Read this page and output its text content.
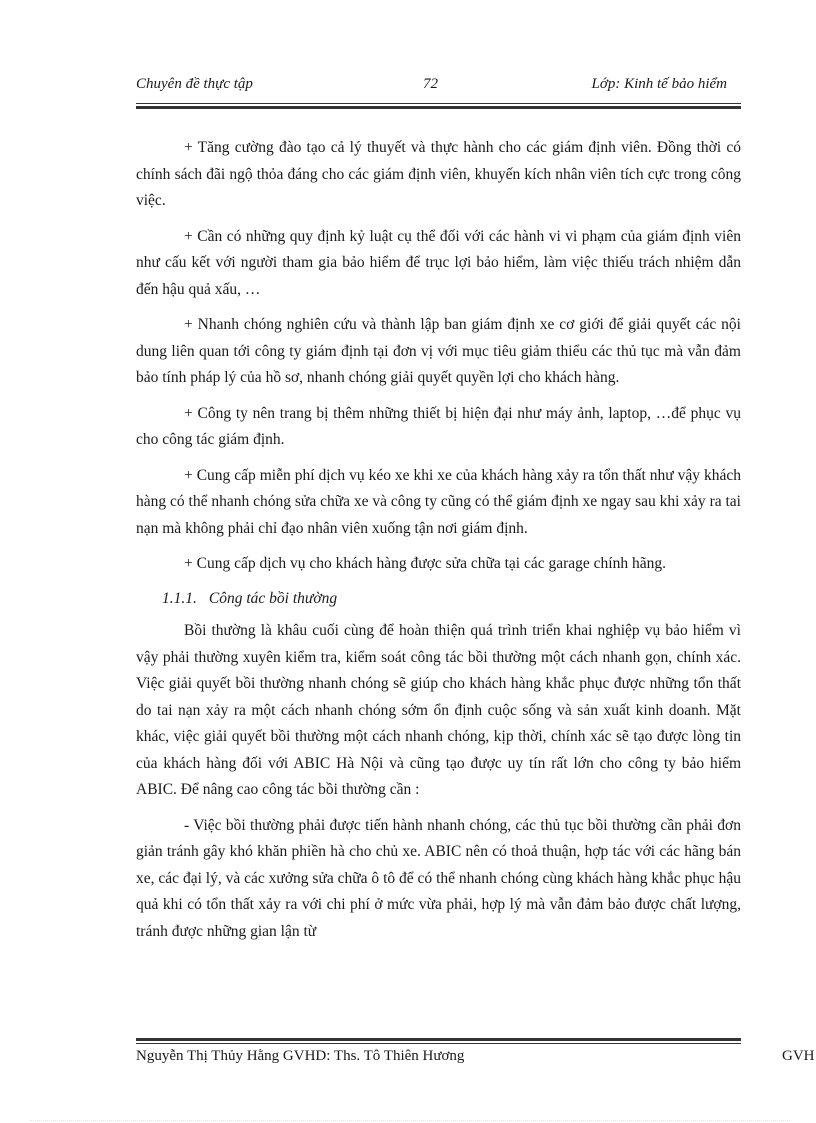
Chuyên đề thực tập	72	Lớp: Kinh tế bảo hiểm

+ Tăng cường đào tạo cả lý thuyết và thực hành cho các giám định viên. Đồng thời có chính sách đãi ngộ thỏa đáng cho các giám định viên, khuyến kích nhân viên tích cực trong công việc.

+ Cần có những quy định kỷ luật cụ thể đối với các hành vi vi phạm của giám định viên như cấu kết với người tham gia bảo hiểm để trục lợi bảo hiểm, làm việc thiếu trách nhiệm dẫn đến hậu quả xấu, …

+ Nhanh chóng nghiên cứu và thành lập ban giám định xe cơ giới để giải quyết các nội dung liên quan tới công ty giám định tại đơn vị với mục tiêu giảm thiểu các thủ tục mà vẫn đảm bảo tính pháp lý của hồ sơ, nhanh chóng giải quyết quyền lợi cho khách hàng.

+ Công ty nên trang bị thêm những thiết bị hiện đại như máy ảnh, laptop, …để phục vụ cho công tác giám định.

+ Cung cấp miễn phí dịch vụ kéo xe khi xe của khách hàng xảy ra tổn thất như vậy khách hàng có thể nhanh chóng sửa chữa xe và công ty cũng có thể giám định xe ngay sau khi xảy ra tai nạn mà không phải chỉ đạo nhân viên xuống tận nơi giám định.

+ Cung cấp dịch vụ cho khách hàng được sửa chữa tại các garage chính hãng.

1.1.1. Công tác bồi thường

Bồi thường là khâu cuối cùng để hoàn thiện quá trình triển khai nghiệp vụ bảo hiểm vì vậy phải thường xuyên kiểm tra, kiểm soát công tác bồi thường một cách nhanh gọn, chính xác. Việc giải quyết bồi thường nhanh chóng sẽ giúp cho khách hàng khắc phục được những tổn thất do tai nạn xảy ra một cách nhanh chóng sớm ổn định cuộc sống và sản xuất kinh doanh. Mặt khác, việc giải quyết bồi thường một cách nhanh chóng, kịp thời, chính xác sẽ tạo được lòng tin của khách hàng đối với ABIC Hà Nội và cũng tạo được uy tín rất lớn cho công ty bảo hiểm ABIC. Để nâng cao công tác bồi thường cần :

- Việc bồi thường phải được tiến hành nhanh chóng, các thủ tục bồi thường cần phải đơn giản tránh gây khó khăn phiền hà cho chủ xe. ABIC nên có thoả thuận, hợp tác với các hãng bán xe, các đại lý, và các xưởng sửa chữa ô tô để có thể nhanh chóng cùng khách hàng khắc phục hậu quả khi có tổn thất xảy ra với chi phí ở mức vừa phải, hợp lý mà vẫn đảm bảo được chất lượng, tránh được những gian lận từ

Nguyễn Thị Thủy Hằng GVHD: Ths. Tô Thiên Hương	GVH
